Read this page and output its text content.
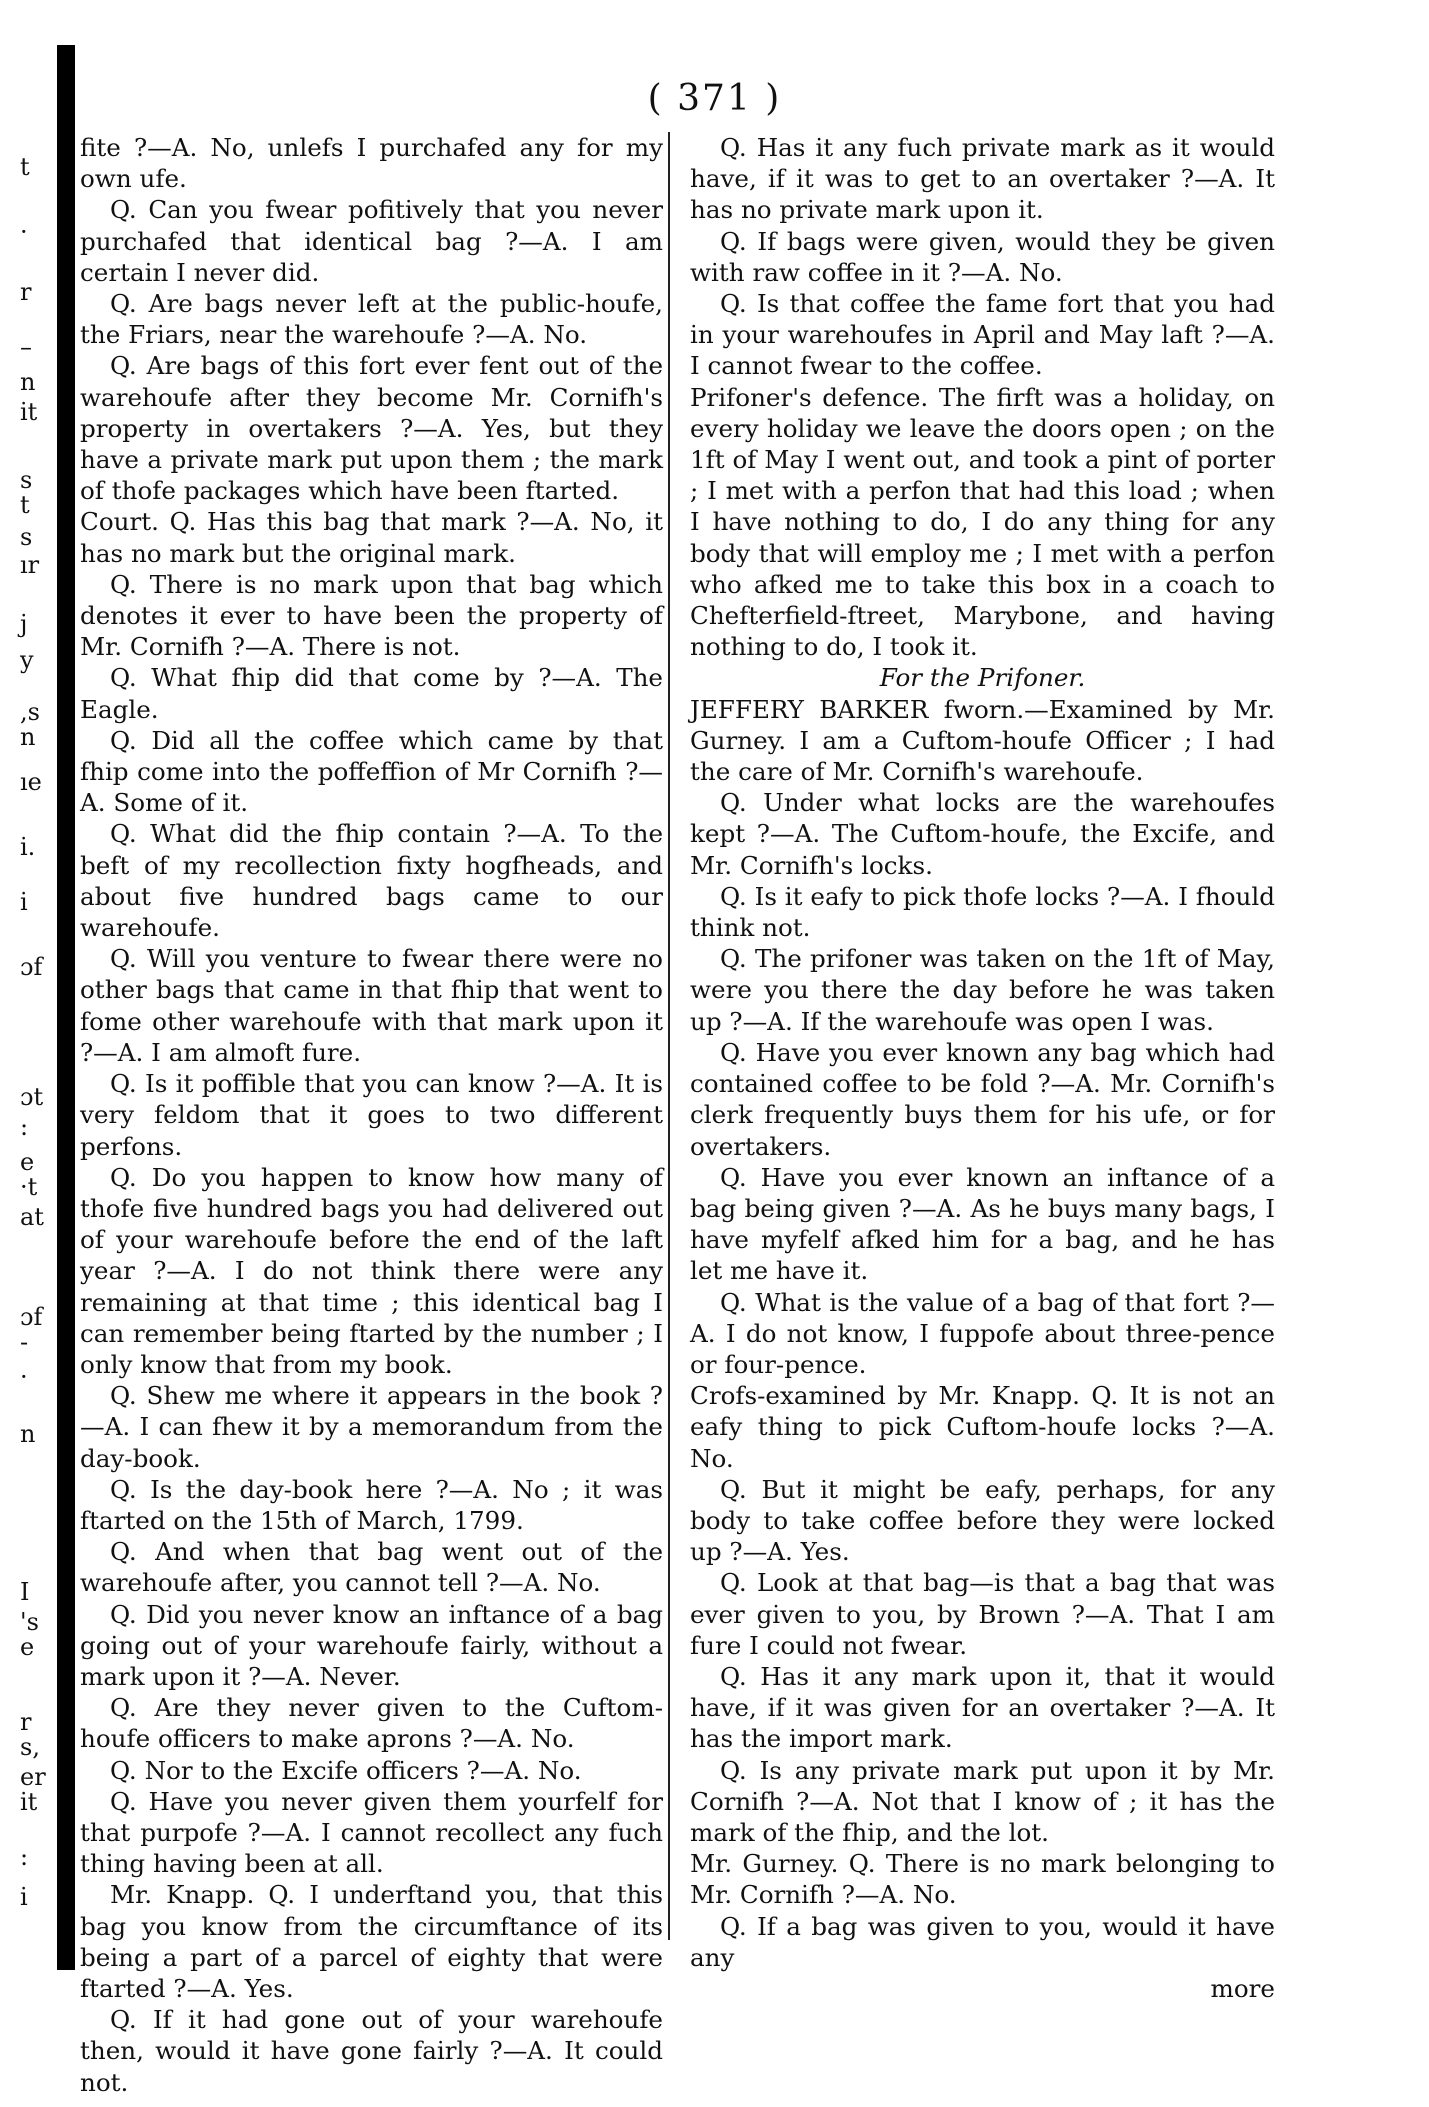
t
·
r
–
n
it
s
t
s
ır
j
y
,s
n
ıe
i.
i
ɔf
ɔt
:
e
·t
at
ɔf
-
·
n
I
's
e
r
s,
er
it
:
i
( 371 )

fite ?—A. No, unlefs I purchafed any for my own ufe.

Q. Can you fwear pofitively that you never purchafed that identical bag ?—A. I am certain I never did.

Q. Are bags never left at the public-houfe, the Friars, near the warehoufe ?—A. No.

Q. Are bags of this fort ever fent out of the warehoufe after they become Mr. Cornifh's property in overtakers ?—A. Yes, but they have a private mark put upon them ; the mark of thofe packages which have been ftarted.

Court. Q. Has this bag that mark ?—A. No, it has no mark but the original mark.

Q. There is no mark upon that bag which denotes it ever to have been the property of Mr. Cornifh ?—A. There is not.

Q. What fhip did that come by ?—A. The Eagle.

Q. Did all the coffee which came by that fhip come into the poffeffion of Mr Cornifh ?—A. Some of it.

Q. What did the fhip contain ?—A. To the beft of my recollection fixty hogfheads, and about five hundred bags came to our warehoufe.

Q. Will you venture to fwear there were no other bags that came in that fhip that went to fome other warehoufe with that mark upon it ?—A. I am almoft fure.

Q. Is it poffible that you can know ?—A. It is very feldom that it goes to two different perfons.

Q. Do you happen to know how many of thofe five hundred bags you had delivered out of your warehoufe before the end of the laft year ?—A. I do not think there were any remaining at that time ; this identical bag I can remember being ftarted by the number ; I only know that from my book.

Q. Shew me where it appears in the book ?—A. I can fhew it by a memorandum from the day-book.

Q. Is the day-book here ?—A. No ; it was ftarted on the 15th of March, 1799.

Q. And when that bag went out of the warehoufe after, you cannot tell ?—A. No.

Q. Did you never know an inftance of a bag going out of your warehoufe fairly, without a mark upon it ?—A. Never.

Q. Are they never given to the Cuftom-houfe officers to make aprons ?—A. No.

Q. Nor to the Excife officers ?—A. No.

Q. Have you never given them yourfelf for that purpofe ?—A. I cannot recollect any fuch thing having been at all.

Mr. Knapp. Q. I underftand you, that this bag you know from the circumftance of its being a part of a parcel of eighty that were ftarted ?—A. Yes.

Q. If it had gone out of your warehoufe then, would it have gone fairly ?—A. It could not.

Q. Has it any fuch private mark as it would have, if it was to get to an overtaker ?—A. It has no private mark upon it.

Q. If bags were given, would they be given with raw coffee in it ?—A. No.

Q. Is that coffee the fame fort that you had in your warehoufes in April and May laft ?—A. I cannot fwear to the coffee.

Prifoner's defence. The firft was a holiday, on every holiday we leave the doors open ; on the 1ft of May I went out, and took a pint of porter ; I met with a perfon that had this load ; when I have nothing to do, I do any thing for any body that will employ me ; I met with a perfon who afked me to take this box in a coach to Chefterfield-ftreet, Marybone, and having nothing to do, I took it.

For the Prifoner.

JEFFERY BARKER fworn.—Examined by Mr. Gurney. I am a Cuftom-houfe Officer ; I had the care of Mr. Cornifh's warehoufe.

Q. Under what locks are the warehoufes kept ?—A. The Cuftom-houfe, the Excife, and Mr. Cornifh's locks.

Q. Is it eafy to pick thofe locks ?—A. I fhould think not.

Q. The prifoner was taken on the 1ft of May, were you there the day before he was taken up ?—A. If the warehoufe was open I was.

Q. Have you ever known any bag which had contained coffee to be fold ?—A. Mr. Cornifh's clerk frequently buys them for his ufe, or for overtakers.

Q. Have you ever known an inftance of a bag being given ?—A. As he buys many bags, I have myfelf afked him for a bag, and he has let me have it.

Q. What is the value of a bag of that fort ?—A. I do not know, I fuppofe about three-pence or four-pence.

Crofs-examined by Mr. Knapp. Q. It is not an eafy thing to pick Cuftom-houfe locks ?—A. No.

Q. But it might be eafy, perhaps, for any body to take coffee before they were locked up ?—A. Yes.

Q. Look at that bag—is that a bag that was ever given to you, by Brown ?—A. That I am fure I could not fwear.

Q. Has it any mark upon it, that it would have, if it was given for an overtaker ?—A. It has the import mark.

Q. Is any private mark put upon it by Mr. Cornifh ?—A. Not that I know of ; it has the mark of the fhip, and the lot.

Mr. Gurney. Q. There is no mark belonging to Mr. Cornifh ?—A. No.

Q. If a bag was given to you, would it have any

more
